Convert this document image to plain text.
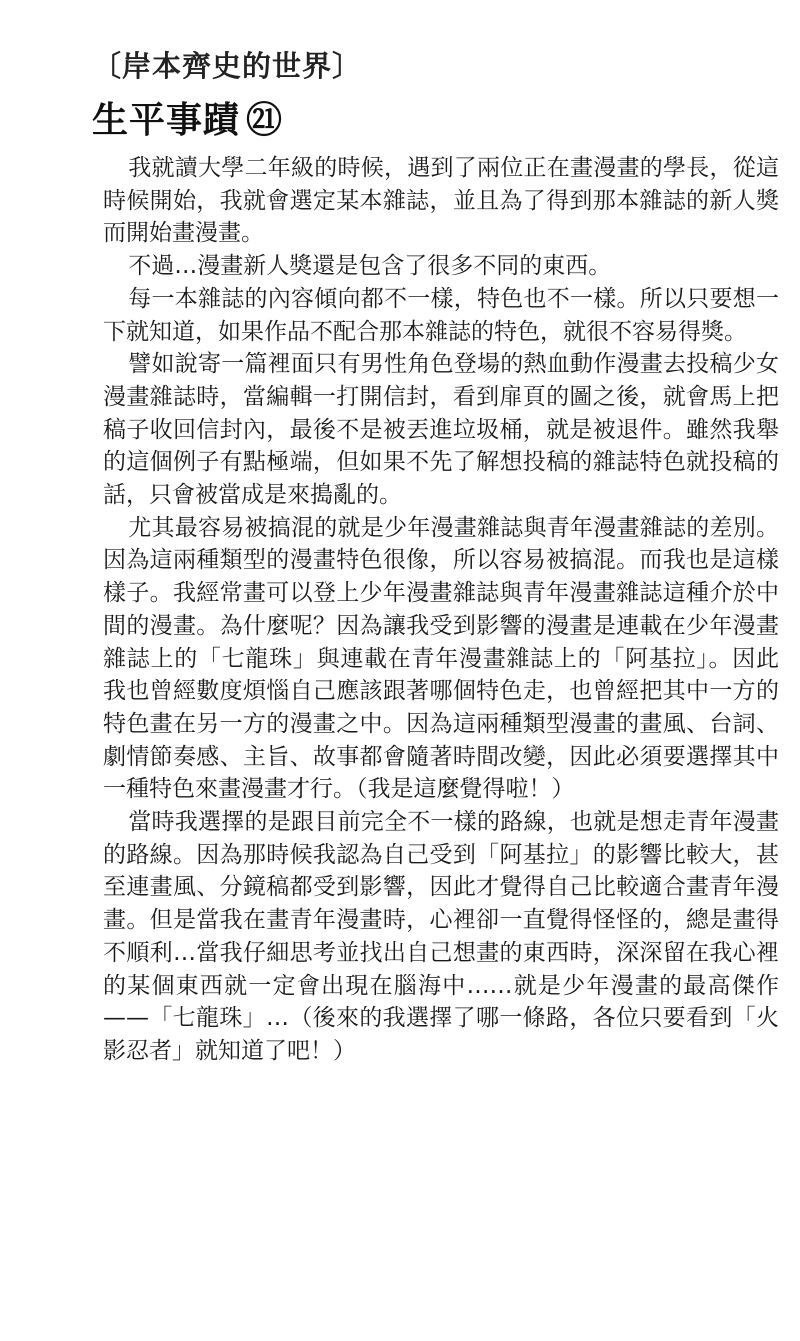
〔岸本齊史的世界〕
生平事蹟 ㉑

我就讀大學二年級的時候，遇到了兩位正在畫漫畫的學長，從這時候開始，我就會選定某本雜誌，並且為了得到那本雜誌的新人獎而開始畫漫畫。

不過…漫畫新人獎還是包含了很多不同的東西。

每一本雜誌的內容傾向都不一樣，特色也不一樣。所以只要想一下就知道，如果作品不配合那本雜誌的特色，就很不容易得獎。

譬如說寄一篇裡面只有男性角色登場的熱血動作漫畫去投稿少女漫畫雜誌時，當編輯一打開信封，看到扉頁的圖之後，就會馬上把稿子收回信封內，最後不是被丟進垃圾桶，就是被退件。雖然我舉的這個例子有點極端，但如果不先了解想投稿的雜誌特色就投稿的話，只會被當成是來搗亂的。

尤其最容易被搞混的就是少年漫畫雜誌與青年漫畫雜誌的差別。因為這兩種類型的漫畫特色很像，所以容易被搞混。而我也是這樣樣子。我經常畫可以登上少年漫畫雜誌與青年漫畫雜誌這種介於中間的漫畫。為什麼呢？因為讓我受到影響的漫畫是連載在少年漫畫雜誌上的「七龍珠」與連載在青年漫畫雜誌上的「阿基拉」。因此我也曾經數度煩惱自己應該跟著哪個特色走，也曾經把其中一方的特色畫在另一方的漫畫之中。因為這兩種類型漫畫的畫風、台詞、劇情節奏感、主旨、故事都會隨著時間改變，因此必須要選擇其中一種特色來畫漫畫才行。（我是這麼覺得啦！）

當時我選擇的是跟目前完全不一樣的路線，也就是想走青年漫畫的路線。因為那時候我認為自己受到「阿基拉」的影響比較大，甚至連畫風、分鏡稿都受到影響，因此才覺得自己比較適合畫青年漫畫。但是當我在畫青年漫畫時，心裡卻一直覺得怪怪的，總是畫得不順利…當我仔細思考並找出自己想畫的東西時，深深留在我心裡的某個東西就一定會出現在腦海中……就是少年漫畫的最高傑作——「七龍珠」…（後來的我選擇了哪一條路，各位只要看到「火影忍者」就知道了吧！）
